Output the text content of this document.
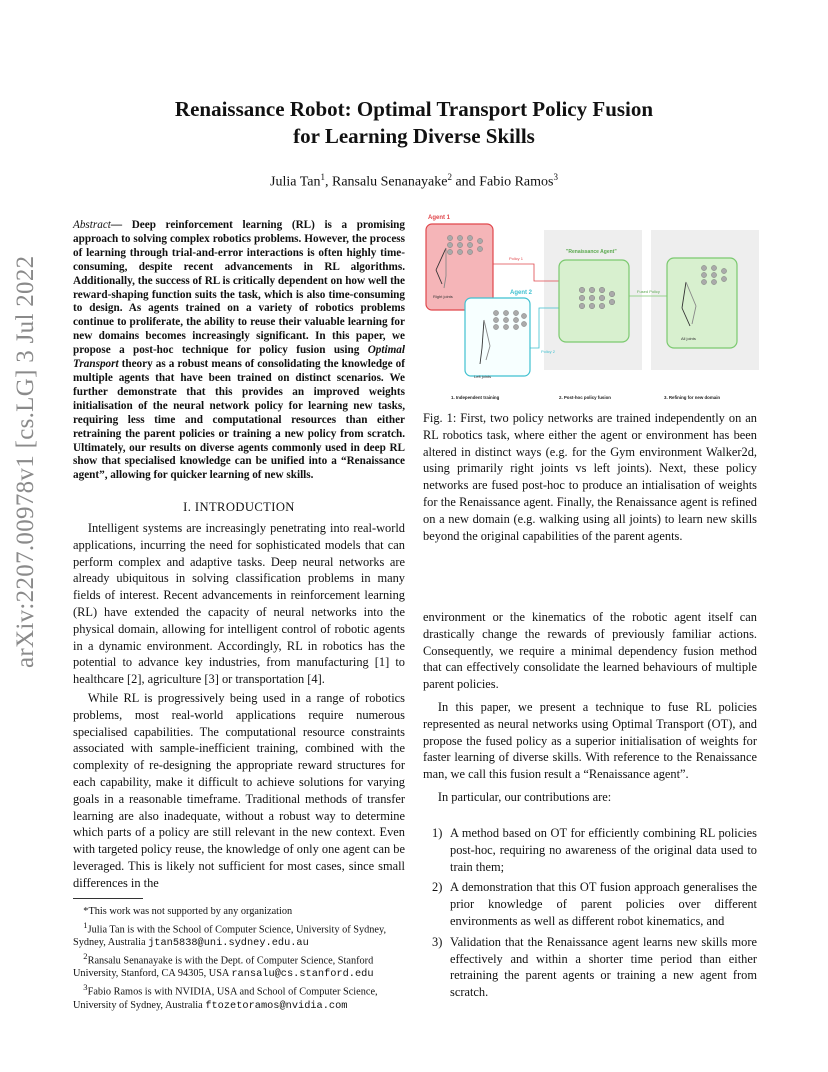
Renaissance Robot: Optimal Transport Policy Fusion
for Learning Diverse Skills
Julia Tan$^1$, Ransalu Senanayake$^2$ and Fabio Ramos$^3$
arXiv:2207.00978v1 [cs.LG] 3 Jul 2022
Abstract— Deep reinforcement learning (RL) is a promising approach to solving complex robotics problems. However, the process of learning through trial-and-error interactions is often highly time-consuming, despite recent advancements in RL algorithms. Additionally, the success of RL is critically dependent on how well the reward-shaping function suits the task, which is also time-consuming to design. As agents trained on a variety of robotics problems continue to proliferate, the ability to reuse their valuable learning for new domains becomes increasingly significant. In this paper, we propose a post-hoc technique for policy fusion using Optimal Transport theory as a robust means of consolidating the knowledge of multiple agents that have been trained on distinct scenarios. We further demonstrate that this provides an improved weights initialisation of the neural network policy for learning new tasks, requiring less time and computational resources than either retraining the parent policies or training a new policy from scratch. Ultimately, our results on diverse agents commonly used in deep RL show that specialised knowledge can be unified into a “Renaissance agent”, allowing for quicker learning of new skills.
I. INTRODUCTION

Intelligent systems are increasingly penetrating into real-world applications, incurring the need for sophisticated models that can perform complex and adaptive tasks. Deep neural networks are already ubiquitous in solving classification problems in many fields of interest. Recent advancements in reinforcement learning (RL) have extended the capacity of neural networks into the physical domain, allowing for intelligent control of robotic agents in a dynamic environment. Accordingly, RL in robotics has the potential to advance key industries, from manufacturing [1] to healthcare [2], agriculture [3] or transportation [4].

While RL is progressively being used in a range of robotics problems, most real-world applications require numerous specialised capabilities. The computational resource constraints associated with sample-inefficient training, combined with the complexity of re-designing the appropriate reward structures for each capability, make it difficult to achieve solutions for varying goals in a reasonable timeframe. Traditional methods of transfer learning are also inadequate, without a robust way to determine which parts of a policy are still relevant in the new context. Even with targeted policy reuse, the knowledge of only one agent can be leveraged. This is likely not sufficient for most cases, since small differences in the

*This work was not supported by any organization

$^1$Julia Tan is with the School of Computer Science, University of Sydney, Sydney, Australia jtan5838@uni.sydney.edu.au

$^2$Ransalu Senanayake is with the Dept. of Computer Science, Stanford University, Stanford, CA 94305, USA ransalu@cs.stanford.edu

$^3$Fabio Ramos is with NVIDIA, USA and School of Computer Science, University of Sydney, Australia ftozetoramos@nvidia.com

Policy 1
Policy 2
Fused Policy
Agent 1
Right joints
Agent 2
Left joints
"Renaissance Agent"
All joints
1. Independent training	2. Post-hoc policy fusion	3. Refining for new domain
Fig. 1: First, two policy networks are trained independently on an RL robotics task, where either the agent or environment has been altered in distinct ways (e.g. for the Gym environment Walker2d, using primarily right joints vs left joints). Next, these policy networks are fused post-hoc to produce an intialisation of weights for the Renaissance agent. Finally, the Renaissance agent is refined on a new domain (e.g. walking using all joints) to learn new skills beyond the original capabilities of the parent agents.

environment or the kinematics of the robotic agent itself can drastically change the rewards of previously familiar actions. Consequently, we require a minimal dependency fusion method that can effectively consolidate the learned behaviours of multiple parent policies.

In this paper, we present a technique to fuse RL policies represented as neural networks using Optimal Transport (OT), and propose the fused policy as a superior initialisation of weights for faster learning of diverse skills. With reference to the Renaissance man, we call this fusion result a “Renaissance agent”.

In particular, our contributions are:

1) A method based on OT for efficiently combining RL policies post-hoc, requiring no awareness of the original data used to train them;
2) A demonstration that this OT fusion approach generalises the prior knowledge of parent policies over different environments as well as different robot kinematics, and
3) Validation that the Renaissance agent learns new skills more effectively and within a shorter time period than either retraining the parent agents or training a new agent from scratch.
